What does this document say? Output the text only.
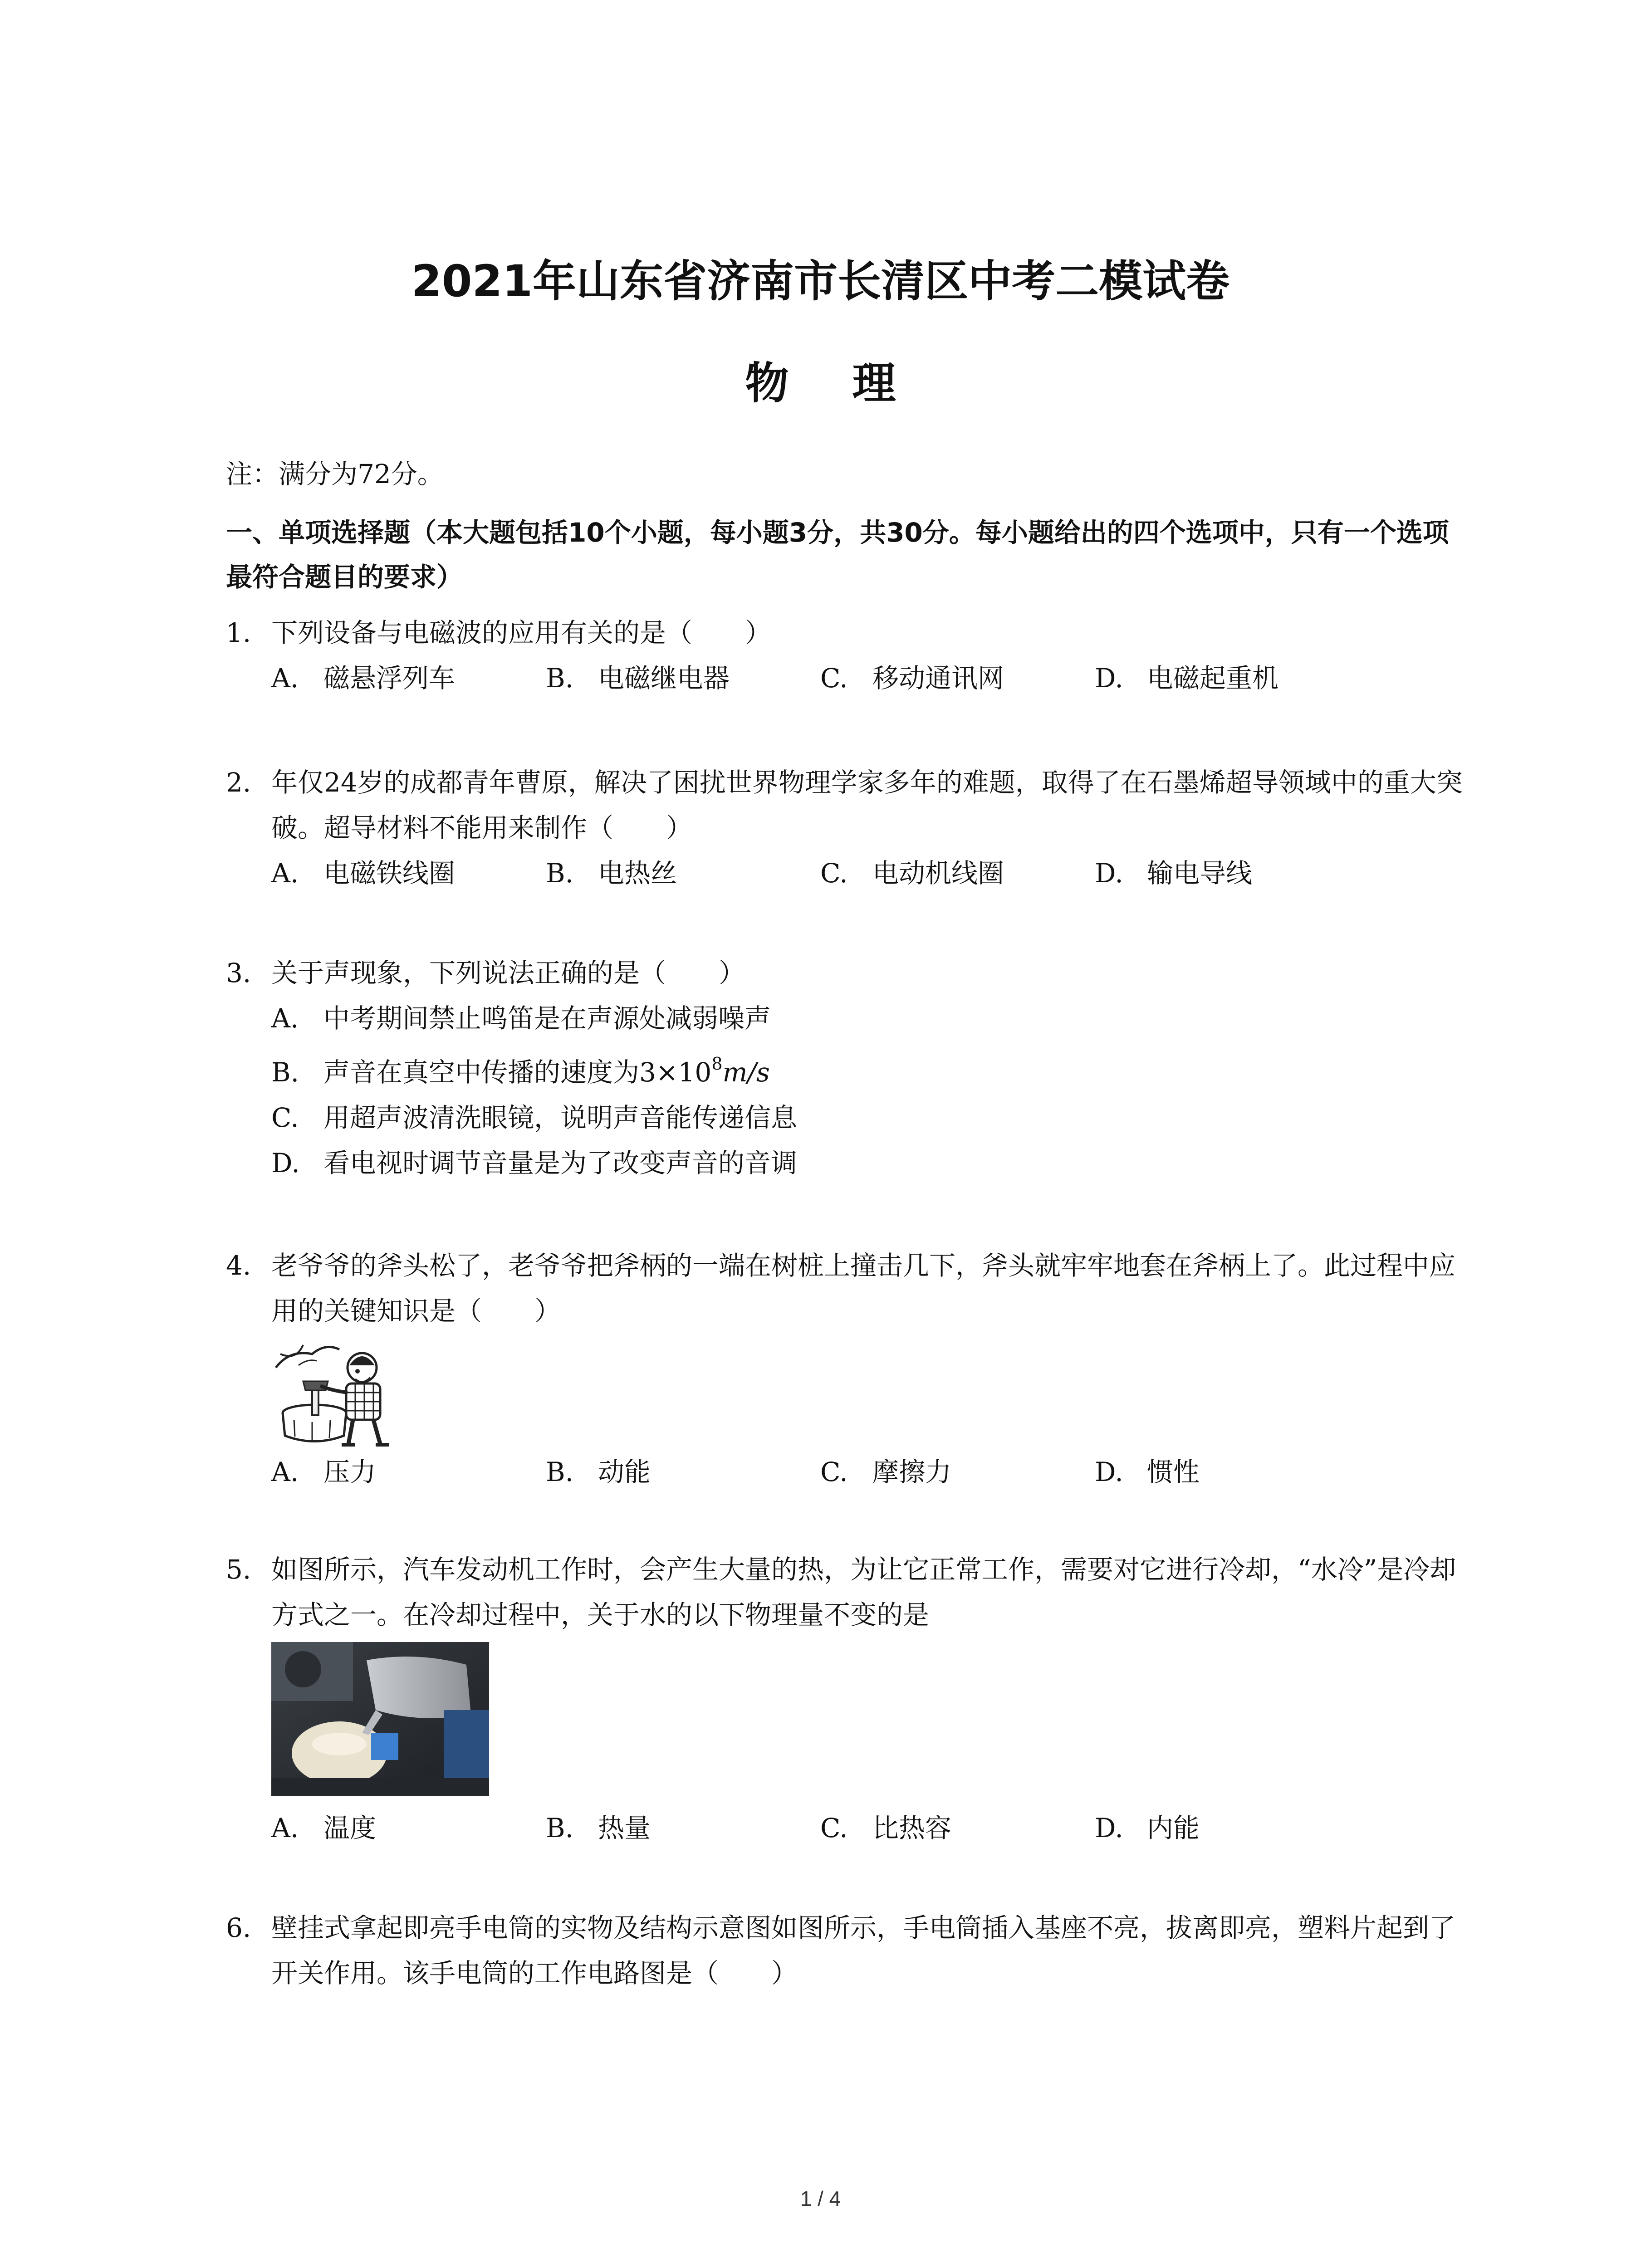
2021年山东省济南市长清区中考二模试卷
物理
注：满分为72分。
一、单项选择题（本大题包括10个小题，每小题3分，共30分。每小题给出的四个选项中，只有一个选项最符合题目的要求）

1. 下列设备与电磁波的应用有关的是（　　）

A. 磁悬浮列车	B. 电磁继电器	C. 移动通讯网	D. 电磁起重机

2. 年仅24岁的成都青年曹原，解决了困扰世界物理学家多年的难题，取得了在石墨烯超导领域中的重大突破。超导材料不能用来制作（　　）

A. 电磁铁线圈	B. 电热丝	C. 电动机线圈	D. 输电导线

3. 关于声现象，下列说法正确的是（　　）

A. 中考期间禁止鸣笛是在声源处减弱噪声
B. 声音在真空中传播的速度为$3\times 10^8m/s$
C. 用超声波清洗眼镜，说明声音能传递信息
D. 看电视时调节音量是为了改变声音的音调

4. 老爷爷的斧头松了，老爷爷把斧柄的一端在树桩上撞击几下，斧头就牢牢地套在斧柄上了。此过程中应用的关键知识是（　　）

A. 压力	B. 动能	C. 摩擦力	D. 惯性

5. 如图所示，汽车发动机工作时，会产生大量的热，为让它正常工作，需要对它进行冷却，“水冷”是冷却方式之一。在冷却过程中，关于水的以下物理量不变的是

A. 温度	B. 热量	C. 比热容	D. 内能

6. 壁挂式拿起即亮手电筒的实物及结构示意图如图所示，手电筒插入基座不亮，拔离即亮，塑料片起到了开关作用。该手电筒的工作电路图是（　　）

1 / 4
